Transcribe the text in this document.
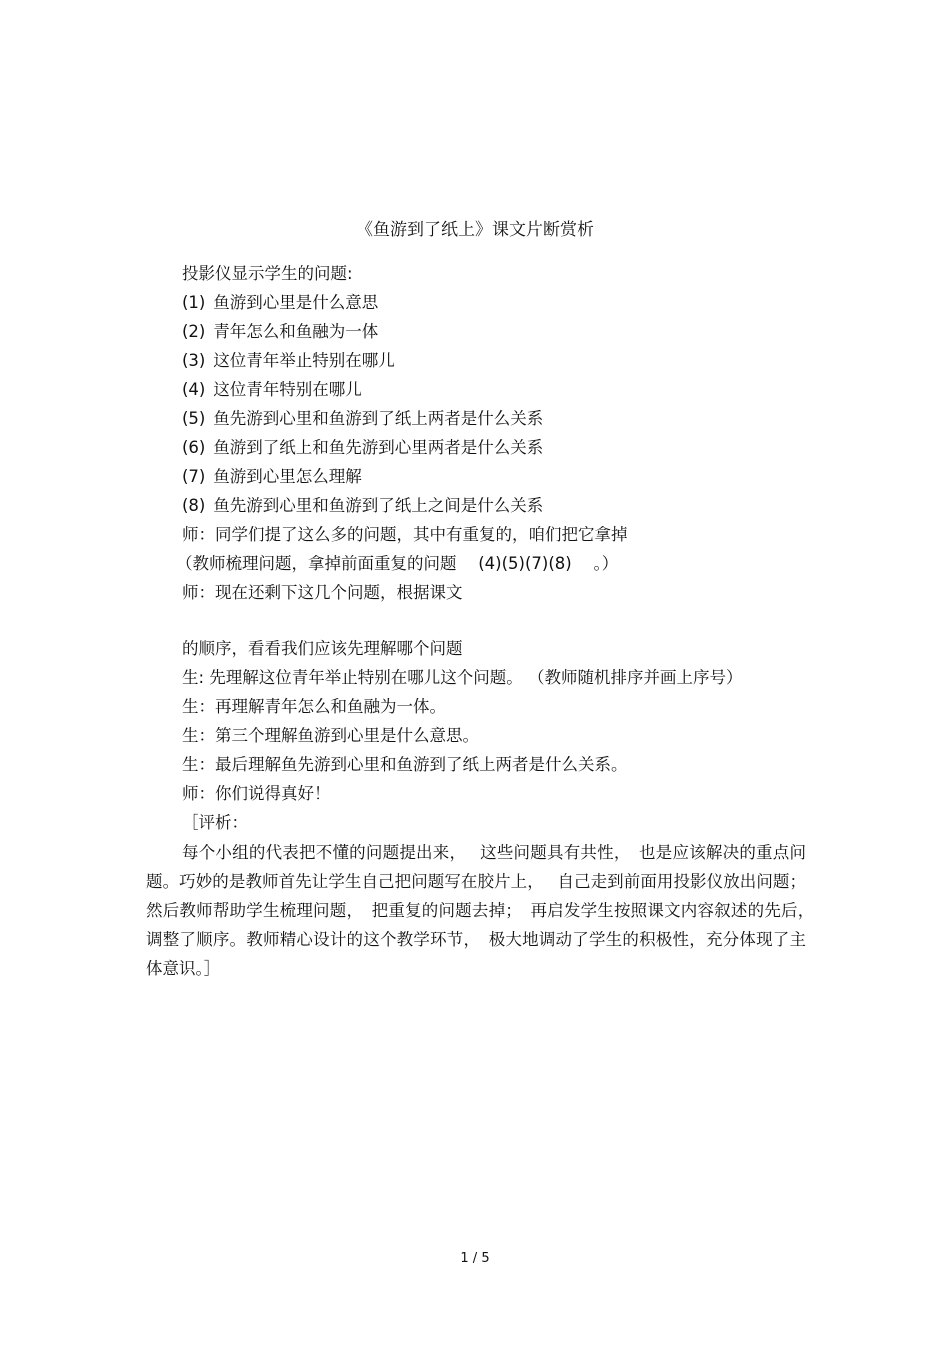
《鱼游到了纸上》课文片断赏析
投影仪显示学生的问题:
(1) 鱼游到心里是什么意思
(2) 青年怎么和鱼融为一体
(3) 这位青年举止特别在哪儿
(4) 这位青年特别在哪儿
(5) 鱼先游到心里和鱼游到了纸上两者是什么关系
(6) 鱼游到了纸上和鱼先游到心里两者是什么关系
(7) 鱼游到心里怎么理解
(8) 鱼先游到心里和鱼游到了纸上之间是什么关系
师：同学们提了这么多的问题，其中有重复的，咱们把它拿掉
（教师梳理问题，拿掉前面重复的问题　 (4)(5)(7)(8)　 。）
师：现在还剩下这几个问题，根据课文
的顺序，看看我们应该先理解哪个问题
生: 先理解这位青年举止特别在哪儿这个问题。 （教师随机排序并画上序号）
生：再理解青年怎么和鱼融为一体。
生：第三个理解鱼游到心里是什么意思。
生：最后理解鱼先游到心里和鱼游到了纸上两者是什么关系。
师：你们说得真好！
［评析：
每个小组的代表把不懂的问题提出来，　 这些问题具有共性，　也是应该解决的重点问题。巧妙的是教师首先让学生自己把问题写在胶片上，　 自己走到前面用投影仪放出问题；然后教师帮助学生梳理问题，　把重复的问题去掉；　再启发学生按照课文内容叙述的先后，　调整了顺序。教师精心设计的这个教学环节，　极大地调动了学生的积极性，充分体现了主体意识。］
1 / 5
